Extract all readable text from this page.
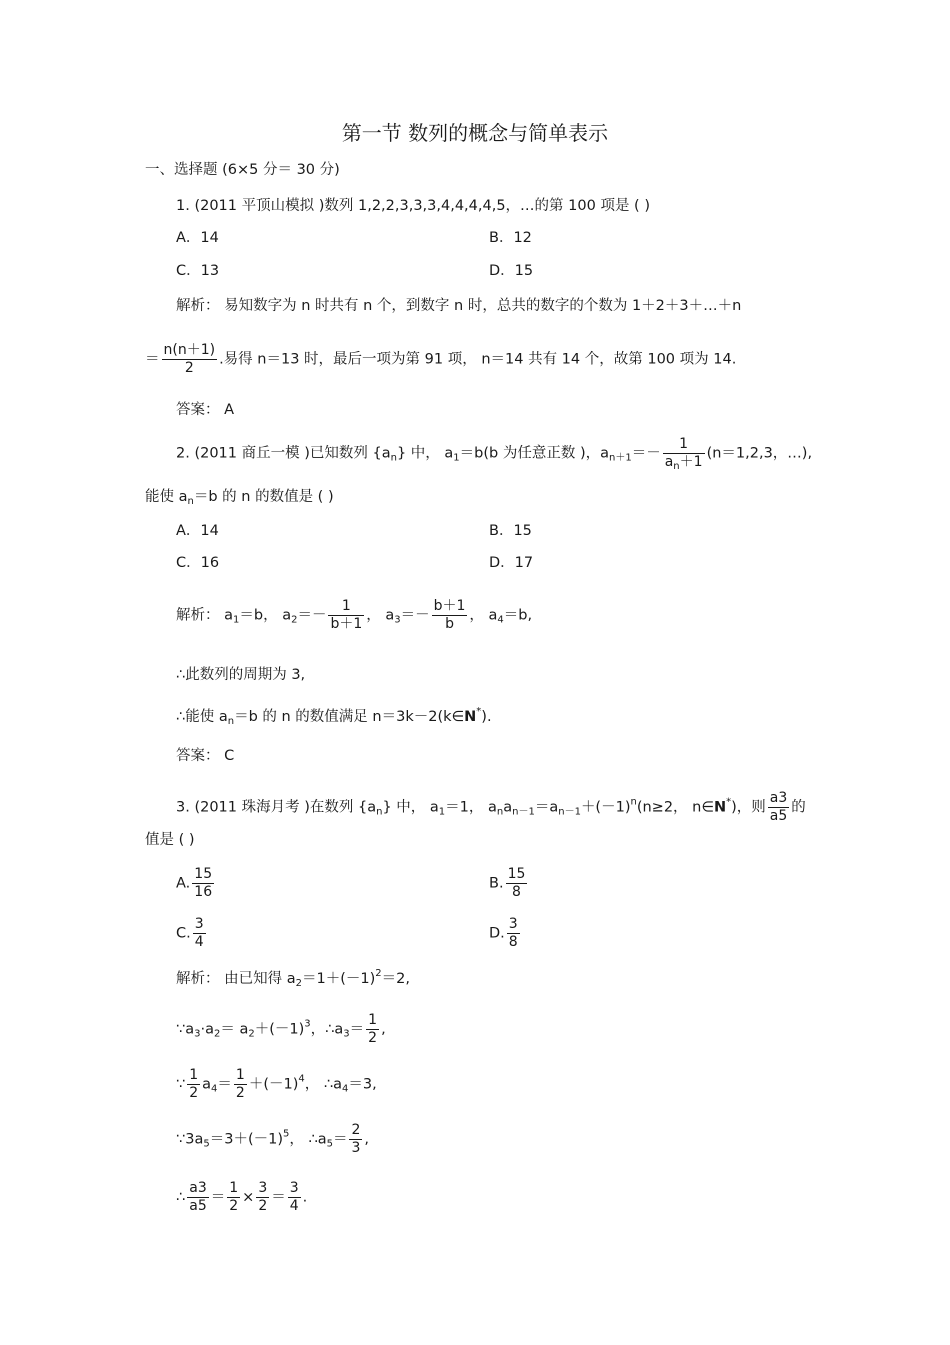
第一节 数列的概念与简单表示
一、选择题 (6×5 分＝ 30 分)
1. (2011 平顶山模拟 )数列 1,2,2,3,3,3,4,4,4,4,5，…的第 100 项是 ( )
A．14	B．12
C．13	D．15
解析： 易知数字为 n 时共有 n 个，到数字 n 时，总共的数字的个数为 1＋2＋3＋…＋n
＝ $\frac{n(n+1)}{2}$ .易得 n＝13 时，最后一项为第 91 项， n＝14 共有 14 个，故第 100 项为 14.
答案： A
2. (2011 商丘一模 )已知数列 $\{a_n\}$ 中， $a_1=b(b$ 为任意正数 )，$a_{n+1}=- \frac{1}{a_n+1} (n=1,2,3$，…),
能使 $a_n=b$ 的 n 的数值是 ( )
A．14	B．15
C．16	D．17
解析： $a_1=b$， $a_2=- \frac{1}{b+1}$ ， $a_3=- \frac{b+1}{b}$ ， $a_4=b$,
∴此数列的周期为 3,
∴能使 $a_n=b$ 的 n 的数值满足 n＝3k－2(k∈N*).
答案： C
3. (2011 珠海月考 )在数列 $\{a_n\}$ 中， $a_1=1$， $a_na_{n-1}=a_{n-1}+(-1)^n(n\ge 2$， n∈N*)，则 $\frac{a3}{a5}$ 的
值是 ( )
A. $\frac{15}{16}$	B. $\frac{15}{8}$
C. $\frac{3}{4}$	D. $\frac{3}{8}$
解析： 由已知得 $a_2=1+(-1)^2=2$,
$\because a_3\cdot a_2= a_2+(-1)^3$，$\therefore a_3= \frac{1}{2}$ ,
∵ $\frac{1}{2} a_4= \frac{1}{2} +(-1)^4$， $\therefore a_4=3$,
$\because 3a_5=3+(-1)^5$， $\therefore a_5= \frac{2}{3}$ ,
∴ $\frac{a3}{a5} = \frac{1}{2} \times \frac{3}{2} = \frac{3}{4}$ .
